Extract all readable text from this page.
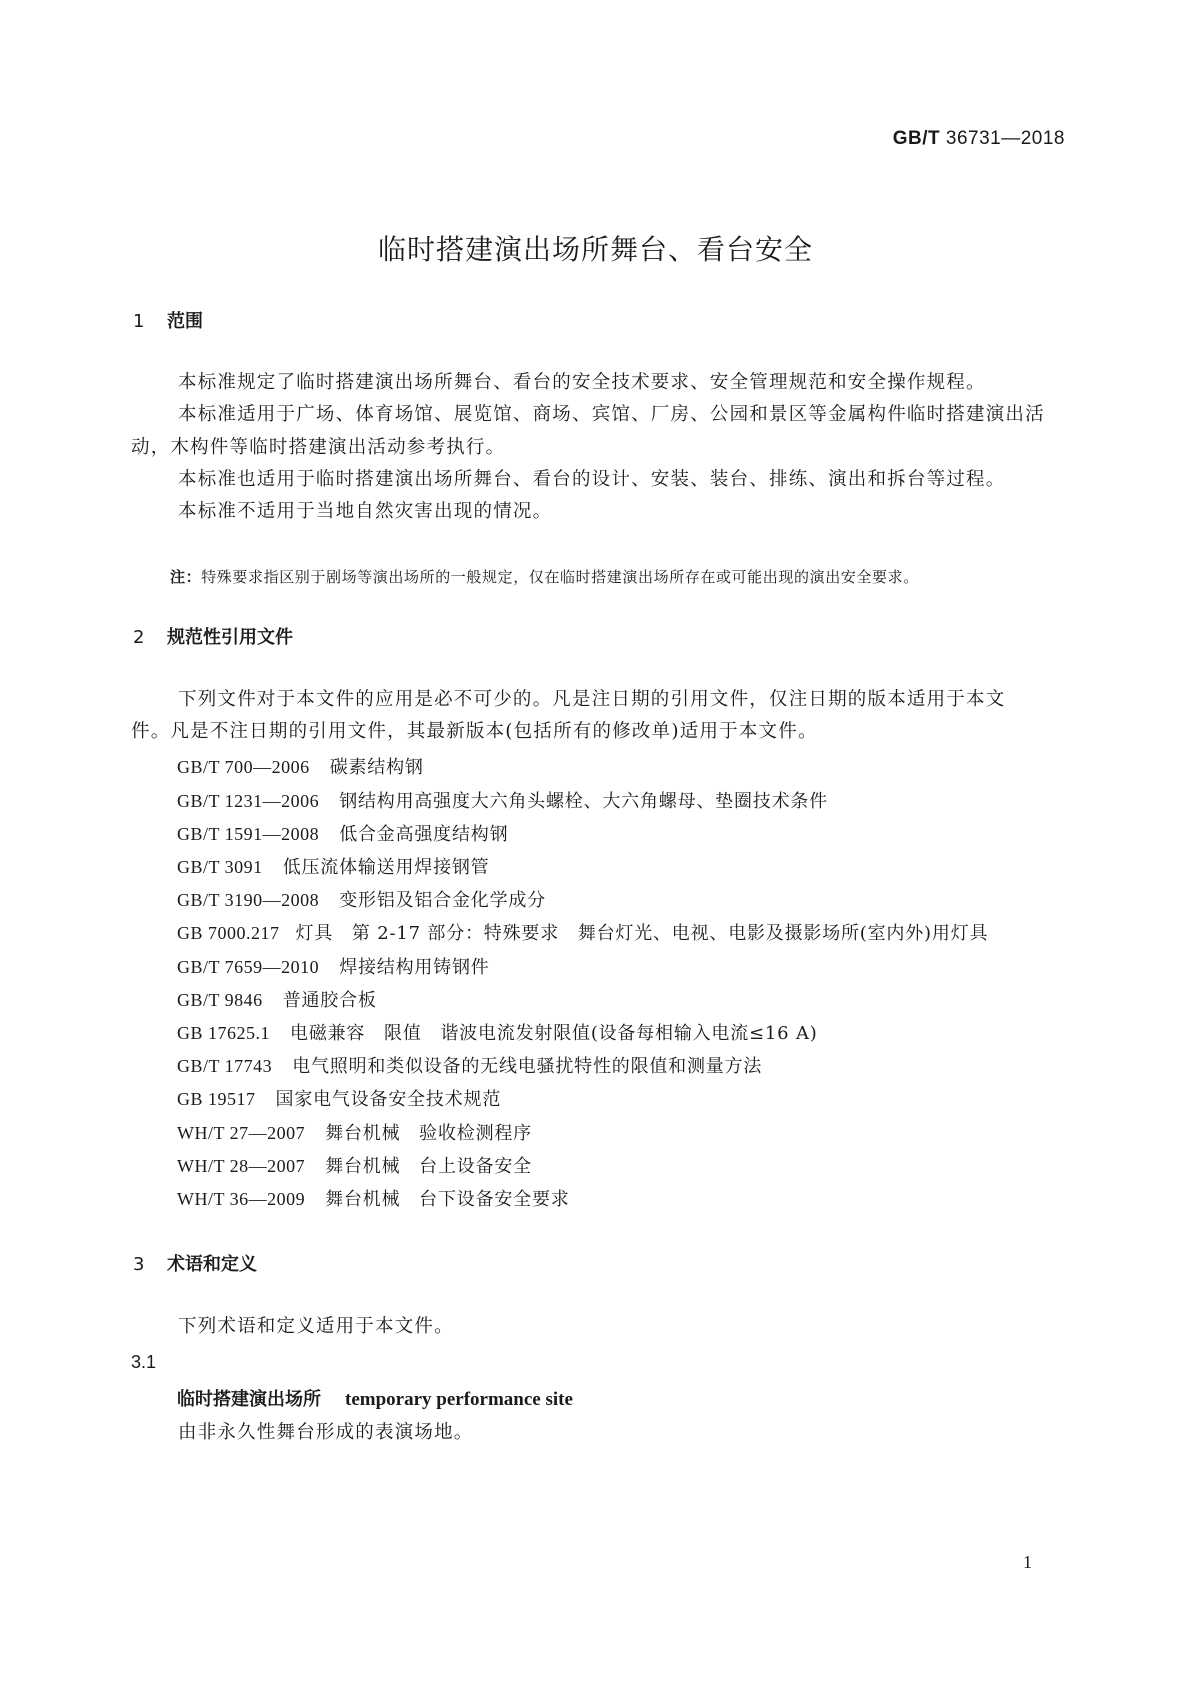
GB/T 36731—2018
临时搭建演出场所舞台、看台安全
1 范围
本标准规定了临时搭建演出场所舞台、看台的安全技术要求、安全管理规范和安全操作规程。
本标准适用于广场、体育场馆、展览馆、商场、宾馆、厂房、公园和景区等金属构件临时搭建演出活
动，木构件等临时搭建演出活动参考执行。
本标准也适用于临时搭建演出场所舞台、看台的设计、安装、装台、排练、演出和拆台等过程。
本标准不适用于当地自然灾害出现的情况。
注：特殊要求指区别于剧场等演出场所的一般规定，仅在临时搭建演出场所存在或可能出现的演出安全要求。
2 规范性引用文件
下列文件对于本文件的应用是必不可少的。凡是注日期的引用文件，仅注日期的版本适用于本文
件。凡是不注日期的引用文件，其最新版本(包括所有的修改单)适用于本文件。
GB/T 700—2006 碳素结构钢
GB/T 1231—2006 钢结构用高强度大六角头螺栓、大六角螺母、垫圈技术条件
GB/T 1591—2008 低合金高强度结构钢
GB/T 3091 低压流体输送用焊接钢管
GB/T 3190—2008 变形铝及铝合金化学成分
GB 7000.217 灯具　第 2-17 部分：特殊要求　舞台灯光、电视、电影及摄影场所(室内外)用灯具
GB/T 7659—2010 焊接结构用铸钢件
GB/T 9846 普通胶合板
GB 17625.1 电磁兼容　限值　谐波电流发射限值(设备每相输入电流≤16 A)
GB/T 17743 电气照明和类似设备的无线电骚扰特性的限值和测量方法
GB 19517 国家电气设备安全技术规范
WH/T 27—2007 舞台机械　验收检测程序
WH/T 28—2007 舞台机械　台上设备安全
WH/T 36—2009 舞台机械　台下设备安全要求
3 术语和定义
下列术语和定义适用于本文件。
3.1
临时搭建演出场所 temporary performance site
由非永久性舞台形成的表演场地。
1
